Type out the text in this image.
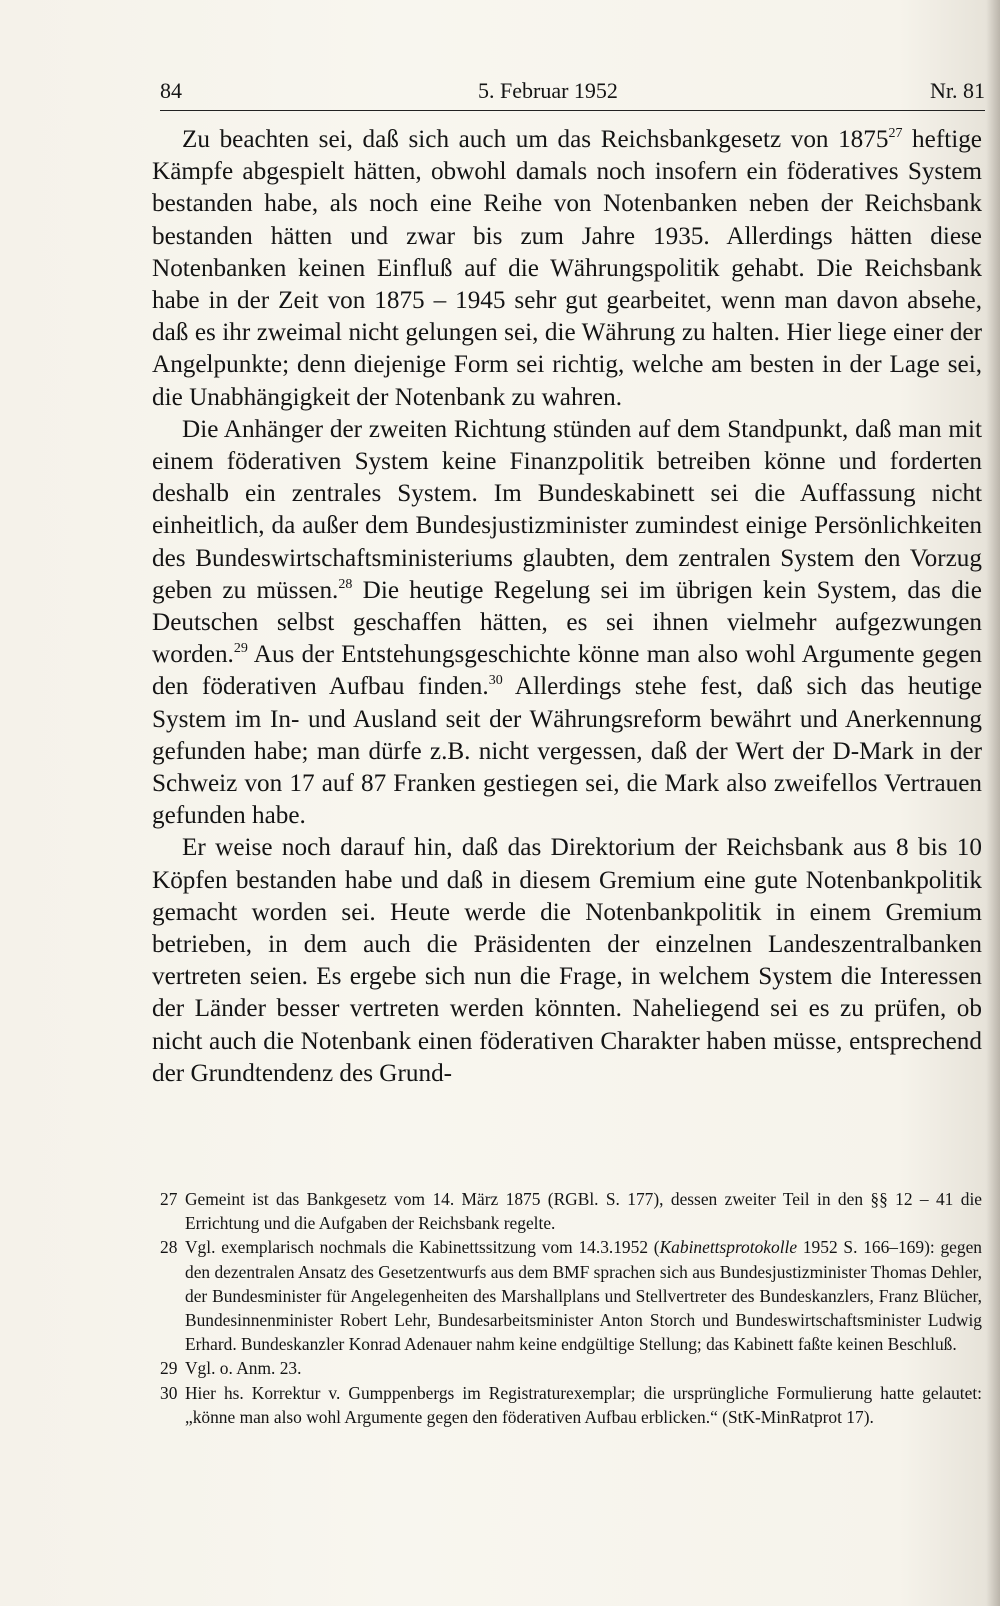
84	5. Februar 1952	Nr. 81

Zu beachten sei, daß sich auch um das Reichsbankgesetz von 1875$^{27}$ heftige Kämpfe abgespielt hätten, obwohl damals noch insofern ein föderatives System bestanden habe, als noch eine Reihe von Notenbanken neben der Reichsbank bestanden hätten und zwar bis zum Jahre 1935. Allerdings hätten diese Notenbanken keinen Einfluß auf die Währungspolitik gehabt. Die Reichsbank habe in der Zeit von 1875 – 1945 sehr gut gearbeitet, wenn man davon absehe, daß es ihr zweimal nicht gelungen sei, die Währung zu halten. Hier liege einer der Angelpunkte; denn diejenige Form sei richtig, welche am besten in der Lage sei, die Unabhängigkeit der Notenbank zu wahren.

Die Anhänger der zweiten Richtung stünden auf dem Standpunkt, daß man mit einem föderativen System keine Finanzpolitik betreiben könne und forderten deshalb ein zentrales System. Im Bundeskabinett sei die Auffassung nicht einheitlich, da außer dem Bundesjustizminister zumindest einige Persönlichkeiten des Bundeswirtschaftsministeriums glaubten, dem zentralen System den Vorzug geben zu müssen.$^{28}$ Die heutige Regelung sei im übrigen kein System, das die Deutschen selbst geschaffen hätten, es sei ihnen vielmehr aufgezwungen worden.$^{29}$ Aus der Entstehungsgeschichte könne man also wohl Argumente gegen den föderativen Aufbau finden.$^{30}$ Allerdings stehe fest, daß sich das heutige System im In- und Ausland seit der Währungsreform bewährt und Anerkennung gefunden habe; man dürfe z.B. nicht vergessen, daß der Wert der D-Mark in der Schweiz von 17 auf 87 Franken gestiegen sei, die Mark also zweifellos Vertrauen gefunden habe.

Er weise noch darauf hin, daß das Direktorium der Reichsbank aus 8 bis 10 Köpfen bestanden habe und daß in diesem Gremium eine gute Notenbankpolitik gemacht worden sei. Heute werde die Notenbankpolitik in einem Gremium betrieben, in dem auch die Präsidenten der einzelnen Landeszentralbanken vertreten seien. Es ergebe sich nun die Frage, in welchem System die Interessen der Länder besser vertreten werden könnten. Naheliegend sei es zu prüfen, ob nicht auch die Notenbank einen föderativen Charakter haben müsse, entsprechend der Grundtendenz des Grund-

27 Gemeint ist das Bankgesetz vom 14. März 1875 (RGBl. S. 177), dessen zweiter Teil in den §§ 12 – 41 die Errichtung und die Aufgaben der Reichsbank regelte.
28 Vgl. exemplarisch nochmals die Kabinettssitzung vom 14.3.1952 (Kabinettsprotokolle 1952 S. 166–169): gegen den dezentralen Ansatz des Gesetzentwurfs aus dem BMF sprachen sich aus Bundesjustizminister Thomas Dehler, der Bundesminister für Angelegenheiten des Marshallplans und Stellvertreter des Bundeskanzlers, Franz Blücher, Bundesinnenminister Robert Lehr, Bundesarbeitsminister Anton Storch und Bundeswirtschaftsminister Ludwig Erhard. Bundeskanzler Konrad Adenauer nahm keine endgültige Stellung; das Kabinett faßte keinen Beschluß.
29 Vgl. o. Anm. 23.
30 Hier hs. Korrektur v. Gumppenbergs im Registraturexemplar; die ursprüngliche Formulierung hatte gelautet: „könne man also wohl Argumente gegen den föderativen Aufbau erblicken.“ (StK-MinRatprot 17).
